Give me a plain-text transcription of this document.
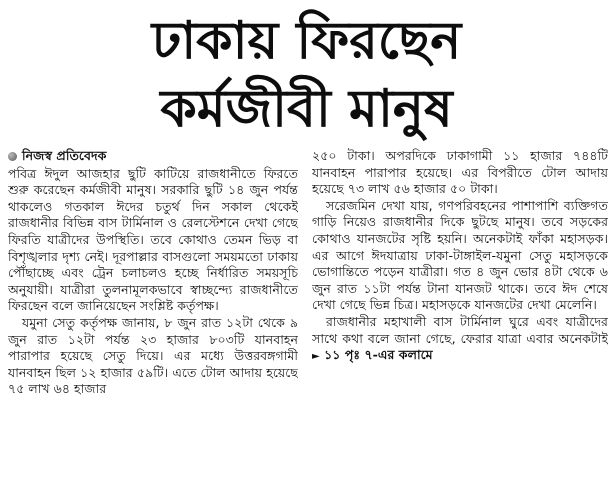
ঢাকায় ফিরছেন
কর্মজীবী মানুষ
নিজস্ব প্রতিবেদক

পবিত্র ঈদুল আজহার ছুটি কাটিয়ে রাজধানীতে ফিরতে শুরু করেছেন কর্মজীবী মানুষ। সরকারি ছুটি ১৪ জুন পর্যন্ত থাকলেও গতকাল ঈদের চতুর্থ দিন সকাল থেকেই রাজধানীর বিভিন্ন বাস টার্মিনাল ও রেলস্টেশনে দেখা গেছে ফিরতি যাত্রীদের উপস্থিতি। তবে কোথাও তেমন ভিড় বা বিশৃঙ্খলার দৃশ্য নেই। দূরপাল্লার বাসগুলো সময়মতো ঢাকায় পৌঁছাচ্ছে এবং ট্রেন চলাচলও হচ্ছে নির্ধারিত সময়সূচি অনুযায়ী। যাত্রীরা তুলনামূলকভাবে স্বাচ্ছন্দ্যে রাজধানীতে ফিরছেন বলে জানিয়েছেন সংশ্লিষ্ট কর্তৃপক্ষ।

যমুনা সেতু কর্তৃপক্ষ জানায়, ৮ জুন রাত ১২টা থেকে ৯ জুন রাত ১২টা পর্যন্ত ২৩ হাজার ৮০৩টি যানবাহন পারাপার হয়েছে সেতু দিয়ে। এর মধ্যে উত্তরবঙ্গগামী যানবাহন ছিল ১২ হাজার ৫৯টি। এতে টোল আদায় হয়েছে ৭৫ লাখ ৬৪ হাজার

২৫০ টাকা। অপরদিকে ঢাকাগামী ১১ হাজার ৭৪৪টি যানবাহন পারাপার হয়েছে। এর বিপরীতে টোল আদায় হয়েছে ৭৩ লাখ ৫৬ হাজার ৫০ টাকা।

সরেজমিন দেখা যায়, গণপরিবহনের পাশাপাশি ব্যক্তিগত গাড়ি নিয়েও রাজধানীর দিকে ছুটছে মানুষ। তবে সড়কের কোথাও যানজটের সৃষ্টি হয়নি। অনেকটাই ফাঁকা মহাসড়ক। এর আগে ঈদযাত্রায় ঢাকা-টাঙ্গাইল-যমুনা সেতু মহাসড়কে ভোগান্তিতে পড়েন যাত্রীরা। গত ৪ জুন ভোর ৪টা থেকে ৬ জুন রাত ১১টা পর্যন্ত টানা যানজট থাকে। তবে ঈদ শেষে দেখা গেছে ভিন্ন চিত্র। মহাসড়কে যানজটের দেখা মেলেনি।

রাজধানীর মহাখালী বাস টার্মিনাল ঘুরে এবং যাত্রীদের সাথে কথা বলে জানা গেছে, ফেরার যাত্রা এবার অনেকটাই ► ১১ পৃঃ ৭-এর কলামে
